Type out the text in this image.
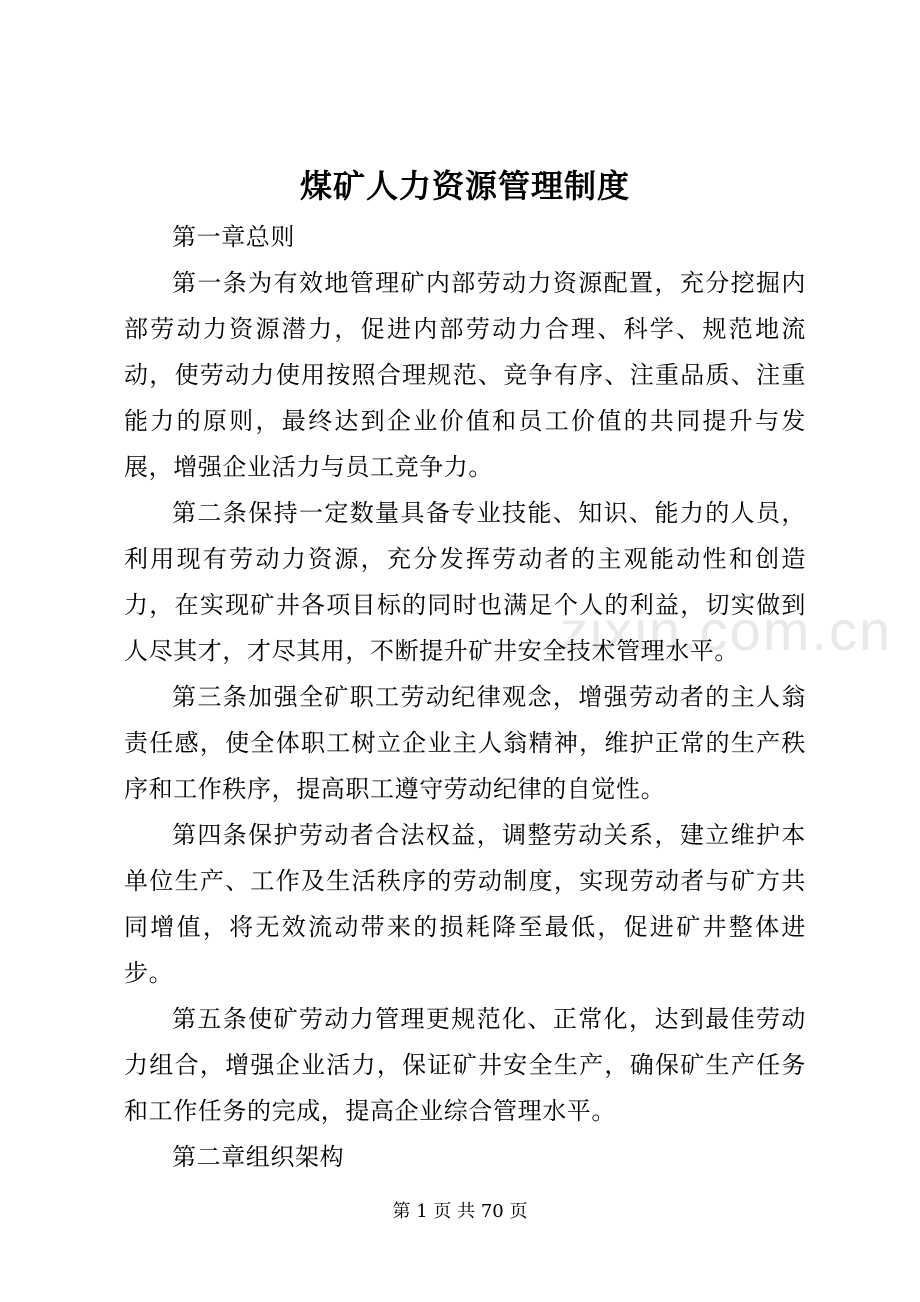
zixin.com.cn
煤矿人力资源管理制度

第一章总则

第一条为有效地管理矿内部劳动力资源配置，充分挖掘内部劳动力资源潜力，促进内部劳动力合理、科学、规范地流动，使劳动力使用按照合理规范、竞争有序、注重品质、注重能力的原则，最终达到企业价值和员工价值的共同提升与发展，增强企业活力与员工竞争力。

第二条保持一定数量具备专业技能、知识、能力的人员，利用现有劳动力资源，充分发挥劳动者的主观能动性和创造力，在实现矿井各项目标的同时也满足个人的利益，切实做到人尽其才，才尽其用，不断提升矿井安全技术管理水平。

第三条加强全矿职工劳动纪律观念，增强劳动者的主人翁责任感，使全体职工树立企业主人翁精神，维护正常的生产秩序和工作秩序，提高职工遵守劳动纪律的自觉性。

第四条保护劳动者合法权益，调整劳动关系，建立维护本单位生产、工作及生活秩序的劳动制度，实现劳动者与矿方共同增值，将无效流动带来的损耗降至最低，促进矿井整体进步。

第五条使矿劳动力管理更规范化、正常化，达到最佳劳动力组合，增强企业活力，保证矿井安全生产，确保矿生产任务和工作任务的完成，提高企业综合管理水平。

第二章组织架构

第 1 页 共 70 页
